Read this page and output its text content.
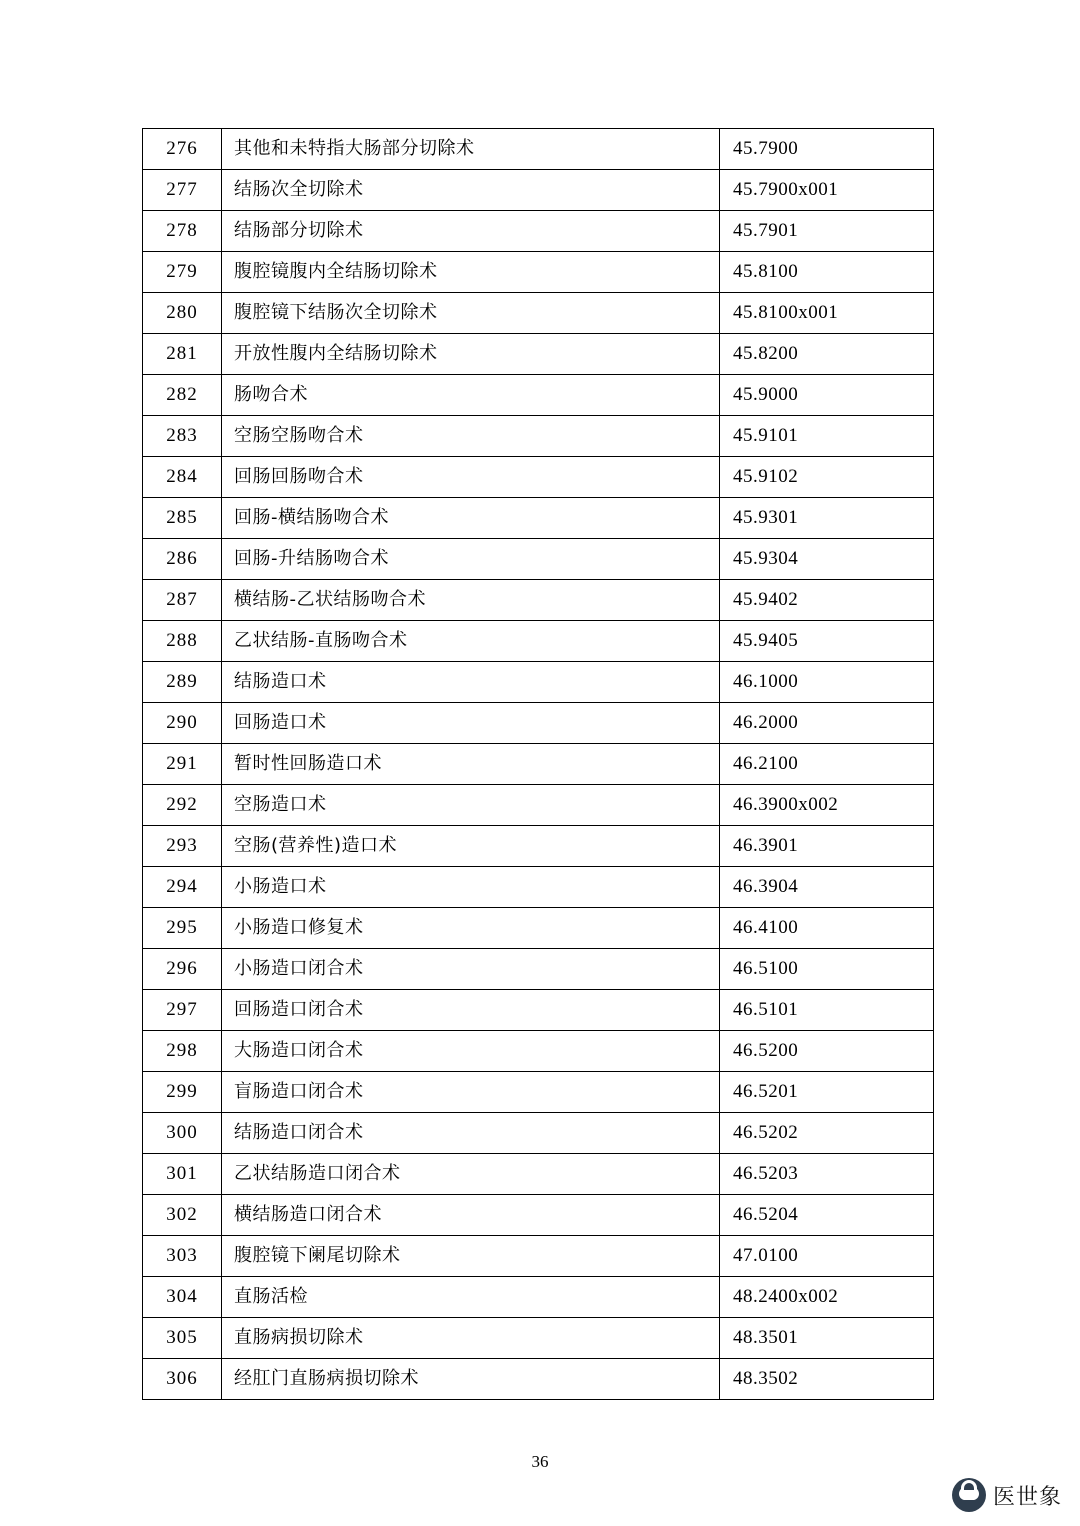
276	其他和未特指大肠部分切除术	45.7900
277	结肠次全切除术	45.7900x001
278	结肠部分切除术	45.7901
279	腹腔镜腹内全结肠切除术	45.8100
280	腹腔镜下结肠次全切除术	45.8100x001
281	开放性腹内全结肠切除术	45.8200
282	肠吻合术	45.9000
283	空肠空肠吻合术	45.9101
284	回肠回肠吻合术	45.9102
285	回肠-横结肠吻合术	45.9301
286	回肠-升结肠吻合术	45.9304
287	横结肠-乙状结肠吻合术	45.9402
288	乙状结肠-直肠吻合术	45.9405
289	结肠造口术	46.1000
290	回肠造口术	46.2000
291	暂时性回肠造口术	46.2100
292	空肠造口术	46.3900x002
293	空肠(营养性)造口术	46.3901
294	小肠造口术	46.3904
295	小肠造口修复术	46.4100
296	小肠造口闭合术	46.5100
297	回肠造口闭合术	46.5101
298	大肠造口闭合术	46.5200
299	盲肠造口闭合术	46.5201
300	结肠造口闭合术	46.5202
301	乙状结肠造口闭合术	46.5203
302	横结肠造口闭合术	46.5204
303	腹腔镜下阑尾切除术	47.0100
304	直肠活检	48.2400x002
305	直肠病损切除术	48.3501
306	经肛门直肠病损切除术	48.3502
36
医世象
